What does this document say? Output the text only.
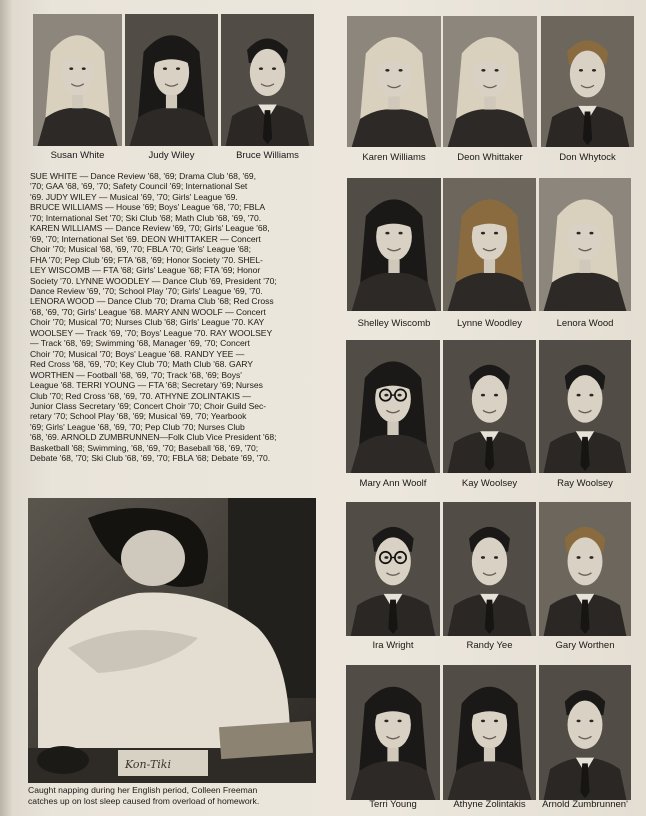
Susan White	Judy Wiley	Bruce Williams	Karen Williams	Deon Whittaker	Don Whytock
Shelley Wiscomb	Lynne Woodley	Lenora Wood
Mary Ann Woolf	Kay Woolsey	Ray Woolsey
Ira Wright	Randy Yee	Gary Worthen
Terri Young	Athyne Zolintakis	Arnold Zumbrunnen'
SUE WHITE — Dance Review '68, '69; Drama Club '68, '69,
'70; GAA '68, '69, '70; Safety Council '69; International Set
'69. JUDY WILEY — Musical '69, '70; Girls' League '69.
BRUCE WILLIAMS — House '69; Boys' League '68, '70; FBLA
'70; International Set '70; Ski Club '68; Math Club '68, '69, '70.
KAREN WILLIAMS — Dance Review '69, '70; Girls' League '68,
'69, '70; International Set '69. DEON WHITTAKER — Concert
Choir '70; Musical '68, '69, '70; FBLA '70; Girls' League '68;
FHA '70; Pep Club '69; FTA '68, '69; Honor Society '70. SHEL-
LEY WISCOMB — FTA '68; Girls' League '68; FTA '69; Honor
Society '70. LYNNE WOODLEY — Dance Club '69, President '70;
Dance Review '69, '70; School Play '70; Girls' League '69, '70.
LENORA WOOD — Dance Club '70; Drama Club '68; Red Cross
'68, '69, '70; Girls' League '68. MARY ANN WOOLF — Concert
Choir '70; Musical '70; Nurses Club '68; Girls' League '70. KAY
WOOLSEY — Track '69, '70; Boys' League '70. RAY WOOLSEY
— Track '68, '69; Swimming '68, Manager '69, '70; Concert
Choir '70; Musical '70; Boys' League '68. RANDY YEE —
Red Cross '68, '69, '70; Key Club '70; Math Club '68. GARY
WORTHEN — Football '68, '69, '70; Track '68, '69; Boys'
League '68. TERRI YOUNG — FTA '68; Secretary '69; Nurses
Club '70; Red Cross '68, '69, '70. ATHYNE ZOLINTAKIS —
Junior Class Secretary '69; Concert Choir '70; Choir Guild Sec-
retary '70; School Play '68, '69; Musical '69, '70; Yearbook
'69; Girls' League '68, '69, '70; Pep Club '70; Nurses Club
'68, '69. ARNOLD ZUMBRUNNEN—Folk Club Vice President '68;
Basketball '68; Swimming, '68, '69, '70; Baseball '68, '69, '70;
Debate '68, '70; Ski Club '68, '69, '70; FBLA '68; Debate '69, '70.
Kon-Tiki
Caught napping during her English period, Colleen Freeman
catches up on lost sleep caused from overload of homework.
